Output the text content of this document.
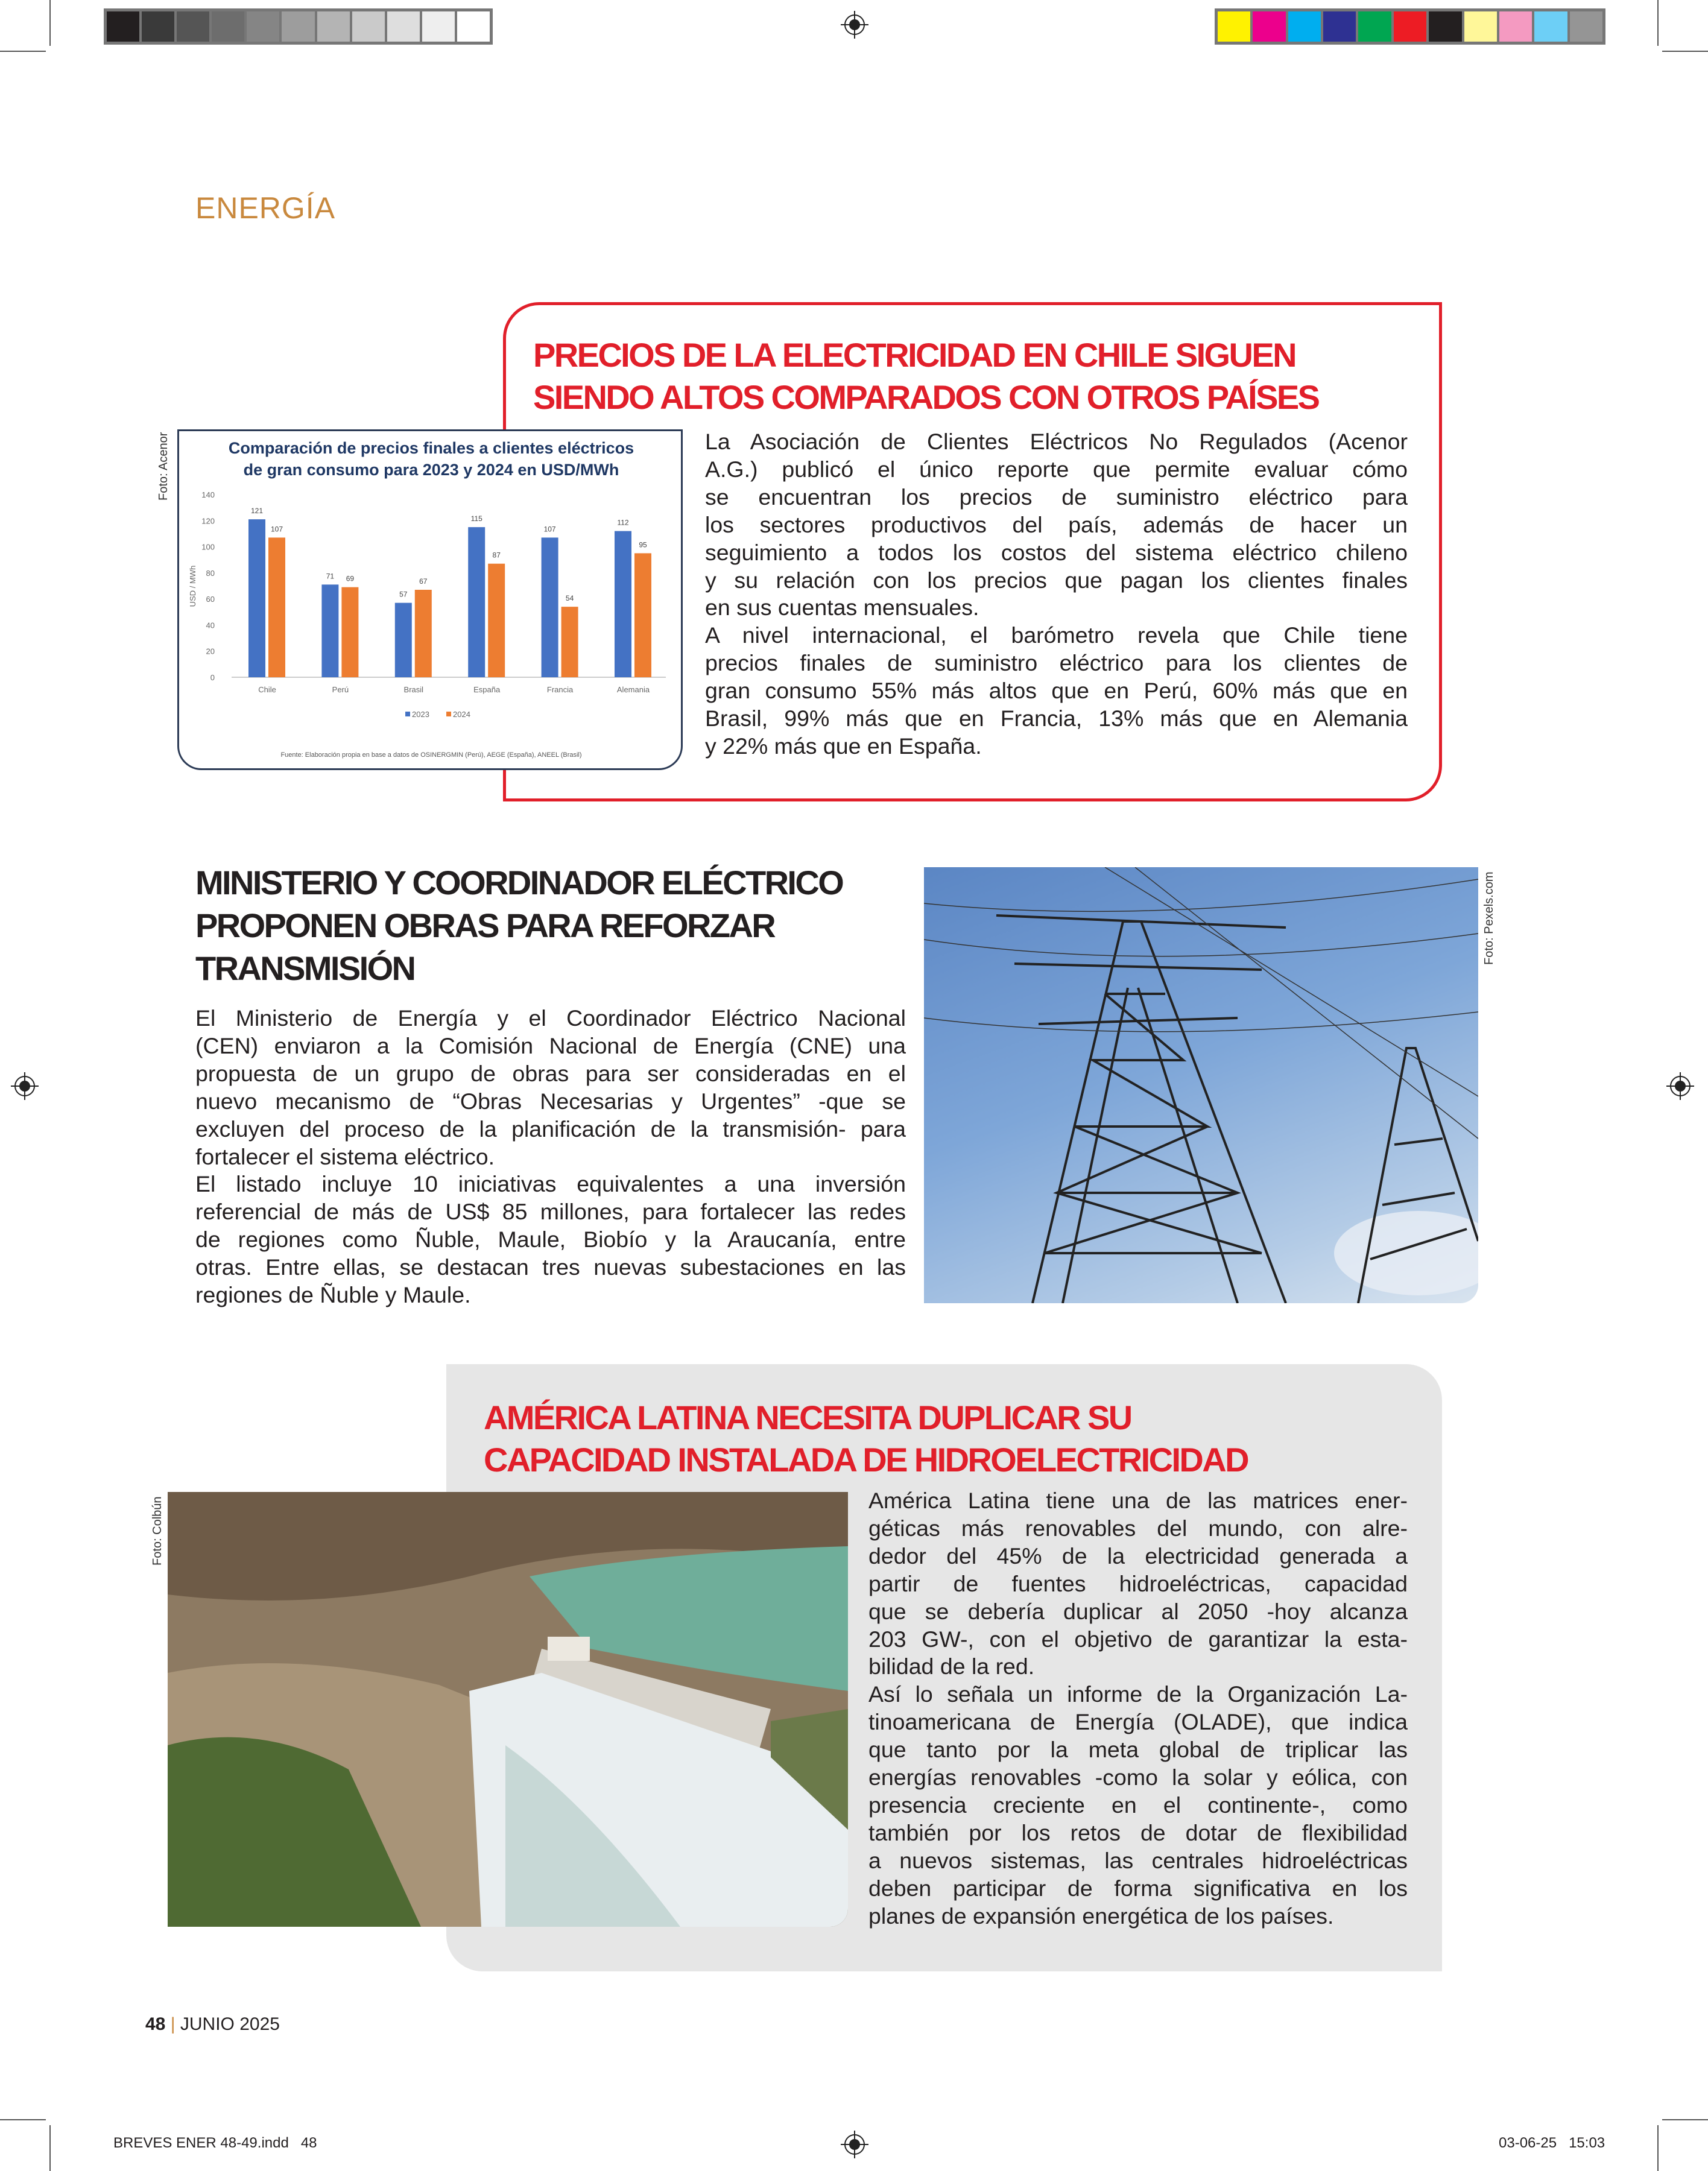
ENERGÍA
PRECIOS DE LA ELECTRICIDAD EN CHILE SIGUEN
SIENDO ALTOS COMPARADOS CON OTROS PAÍSES
Foto: Acenor	Comparación de precios finales a clientes eléctricos
de gran consumo para 2023 y 2024 en USD/MWh
0
20
40
60
80
100
120
140
USD / MWh
121
107
Chile
71 69
Perú
57
67
Brasil
115
87
España
107
54
Francia
112
95
Alemania
2023	2024
Fuente: Elaboración propia en base a datos de OSINERGMIN (Perú), AEGE (España), ANEEL (Brasil)
La Asociación de Clientes Eléctricos No Regulados (Acenor
A.G.) publicó el único reporte que permite evaluar cómo
se encuentran los precios de suministro eléctrico para
los sectores productivos del país, además de hacer un
seguimiento a todos los costos del sistema eléctrico chileno
y su relación con los precios que pagan los clientes finales
en sus cuentas mensuales.
A nivel internacional, el barómetro revela que Chile tiene
precios finales de suministro eléctrico para los clientes de
gran consumo 55% más altos que en Perú, 60% más que en
Brasil, 99% más que en Francia, 13% más que en Alemania
y 22% más que en España.
MINISTERIO Y COORDINADOR ELÉCTRICO
PROPONEN OBRAS PARA REFORZAR
TRANSMISIÓN
El Ministerio de Energía y el Coordinador Eléctrico Nacional
(CEN) enviaron a la Comisión Nacional de Energía (CNE) una
propuesta de un grupo de obras para ser consideradas en el
nuevo mecanismo de “Obras Necesarias y Urgentes” -que se
excluyen del proceso de la planificación de la transmisión- para
fortalecer el sistema eléctrico.
El listado incluye 10 iniciativas equivalentes a una inversión
referencial de más de US$ 85 millones, para fortalecer las redes
de regiones como Ñuble, Maule, Biobío y la Araucanía, entre
otras. Entre ellas, se destacan tres nuevas subestaciones en las
regiones de Ñuble y Maule.
Foto: Pexels.com
AMÉRICA LATINA NECESITA DUPLICAR SU
CAPACIDAD INSTALADA DE HIDROELECTRICIDAD
Foto: Colbún	América Latina tiene una de las matrices ener-
géticas más renovables del mundo, con alre-
dedor del 45% de la electricidad generada a
partir de fuentes hidroeléctricas, capacidad
que se debería duplicar al 2050 -hoy alcanza
203 GW-, con el objetivo de garantizar la esta-
bilidad de la red.
Así lo señala un informe de la Organización La-
tinoamericana de Energía (OLADE), que indica
que tanto por la meta global de triplicar las
energías renovables -como la solar y eólica, con
presencia creciente en el continente-, como
también por los retos de dotar de flexibilidad
a nuevos sistemas, las centrales hidroeléctricas
deben participar de forma significativa en los
planes de expansión energética de los países.
48 | JUNIO 2025
BREVES ENER 48-49.indd   48	03-06-25   15:03
